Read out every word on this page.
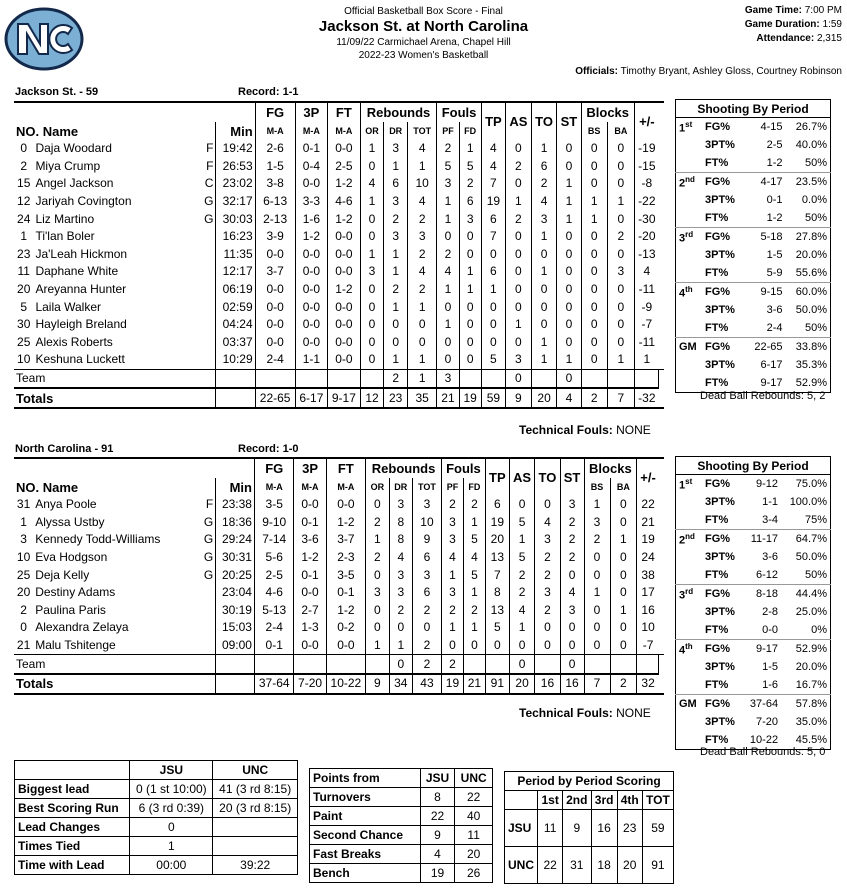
Official Basketball Box Score - Final
Jackson St. at North Carolina
11/09/22 Carmichael Arena, Chapel Hill
2022-23 Women's Basketball
Game Time: 7:00 PM
Game Duration: 1:59
Attendance: 2,315
Officials: Timothy Bryant, Ashley Gloss, Courtney Robinson
Jackson St. - 59	Record: 1-1
			FG	3P	FT	Rebounds			Fouls		TP	AS	TO	ST	Blocks		+/-	
NO. Name		Min	M-A	M-A	M-A	OR	DR	TOT	PF	FD					BS	BA		
0	Daja Woodard F	19:42	2-6	0-1	0-0	1	3	4	2	1	4	0	1	0	0	0	-19	
2	Miya Crump F	26:53	1-5	0-4	2-5	0	1	1	5	5	4	2	6	0	0	0	-15	
15	Angel Jackson C	23:02	3-8	0-0	1-2	4	6	10	3	2	7	0	2	1	0	0	-8	
12	Jariyah Covington G	32:17	6-13	3-3	4-6	1	3	4	1	6	19	1	4	1	1	1	-22	
24	Liz Martino G	30:03	2-13	1-6	1-2	0	2	2	1	3	6	2	3	1	1	0	-30	
1	Ti'lan Boler	16:23	3-9	1-2	0-0	0	3	3	0	0	7	0	1	0	0	2	-20	
23	Ja'Leah Hickmon	11:35	0-0	0-0	0-0	1	1	2	2	0	0	0	0	0	0	0	-13	
11	Daphane White	12:17	3-7	0-0	0-0	3	1	4	4	1	6	0	1	0	0	3	4	
20	Areyanna Hunter	06:19	0-0	0-0	1-2	0	2	2	1	1	1	0	0	0	0	0	-11	
5	Laila Walker	02:59	0-0	0-0	0-0	0	1	1	0	0	0	0	0	0	0	0	-9	
30	Hayleigh Breland	04:24	0-0	0-0	0-0	0	0	0	1	0	0	1	0	0	0	0	-7	
25	Alexis Roberts	03:37	0-0	0-0	0-0	0	0	0	0	0	0	0	1	0	0	0	-11	
10	Keshuna Luckett	10:29	2-4	1-1	0-0	0	1	1	0	0	5	3	1	1	0	1	1	
Team							2	1	3			0		0				
Totals			22-65	6-17	9-17	12	23	35	21	19	59	9	20	4	2	7	-32	
Shooting By Period			
1st	FG%	4-15	26.7%
	3PT%	2-5	40.0%
	FT%	1-2	50%
2nd	FG%	4-17	23.5%
	3PT%	0-1	0.0%
	FT%	1-2	50%
3rd	FG%	5-18	27.8%
	3PT%	1-5	20.0%
	FT%	5-9	55.6%
4th	FG%	9-15	60.0%
	3PT%	3-6	50.0%
	FT%	2-4	50%
GM	FG%	22-65	33.8%
	3PT%	6-17	35.3%
	FT%	9-17	52.9%
Dead Ball Rebounds: 5, 2
Technical Fouls: NONE
North Carolina - 91	Record: 1-0
			FG	3P	FT	Rebounds			Fouls		TP	AS	TO	ST	Blocks		+/-	
NO. Name		Min	M-A	M-A	M-A	OR	DR	TOT	PF	FD					BS	BA		
31	Anya Poole F	23:38	3-5	0-0	0-0	0	3	3	2	2	6	0	0	3	1	0	22	
1	Alyssa Ustby G	18:36	9-10	0-1	1-2	2	8	10	3	1	19	5	4	2	3	0	21	
3	Kennedy Todd-Williams G	29:24	7-14	3-6	3-7	1	8	9	3	5	20	1	3	2	2	1	19	
10	Eva Hodgson G	30:31	5-6	1-2	2-3	2	4	6	4	4	13	5	2	2	0	0	24	
25	Deja Kelly G	20:25	2-5	0-1	3-5	0	3	3	1	5	7	2	2	0	0	0	38	
20	Destiny Adams	23:04	4-6	0-0	0-1	3	3	6	3	1	8	2	3	4	1	0	17	
2	Paulina Paris	30:19	5-13	2-7	1-2	0	2	2	2	2	13	4	2	3	0	1	16	
0	Alexandra Zelaya	15:03	2-4	1-3	0-2	0	0	0	1	1	5	1	0	0	0	0	10	
21	Malu Tshitenge	09:00	0-1	0-0	0-0	1	1	2	0	0	0	0	0	0	0	0	-7	
Team							0	2	2			0		0				
Totals			37-64	7-20	10-22	9	34	43	19	21	91	20	16	16	7	2	32	
Shooting By Period			
1st	FG%	9-12	75.0%
	3PT%	1-1	100.0%
	FT%	3-4	75%
2nd	FG%	11-17	64.7%
	3PT%	3-6	50.0%
	FT%	6-12	50%
3rd	FG%	8-18	44.4%
	3PT%	2-8	25.0%
	FT%	0-0	0%
4th	FG%	9-17	52.9%
	3PT%	1-5	20.0%
	FT%	1-6	16.7%
GM	FG%	37-64	57.8%
	3PT%	7-20	35.0%
	FT%	10-22	45.5%
Dead Ball Rebounds: 5, 0
Technical Fouls: NONE
	JSU	UNC
Biggest lead	0 (1 st 10:00)	41 (3 rd 8:15)
Best Scoring Run	6 (3 rd 0:39)	20 (3 rd 8:15)
Lead Changes	0	
Times Tied	1	
Time with Lead	00:00	39:22
Points from	JSU	UNC
Turnovers	8	22
Paint	22	40
Second Chance	9	11
Fast Breaks	4	20
Bench	19	26
Period by Period Scoring					
	1st	2nd	3rd	4th	TOT
JSU	11	9	16	23	59
UNC	22	31	18	20	91
